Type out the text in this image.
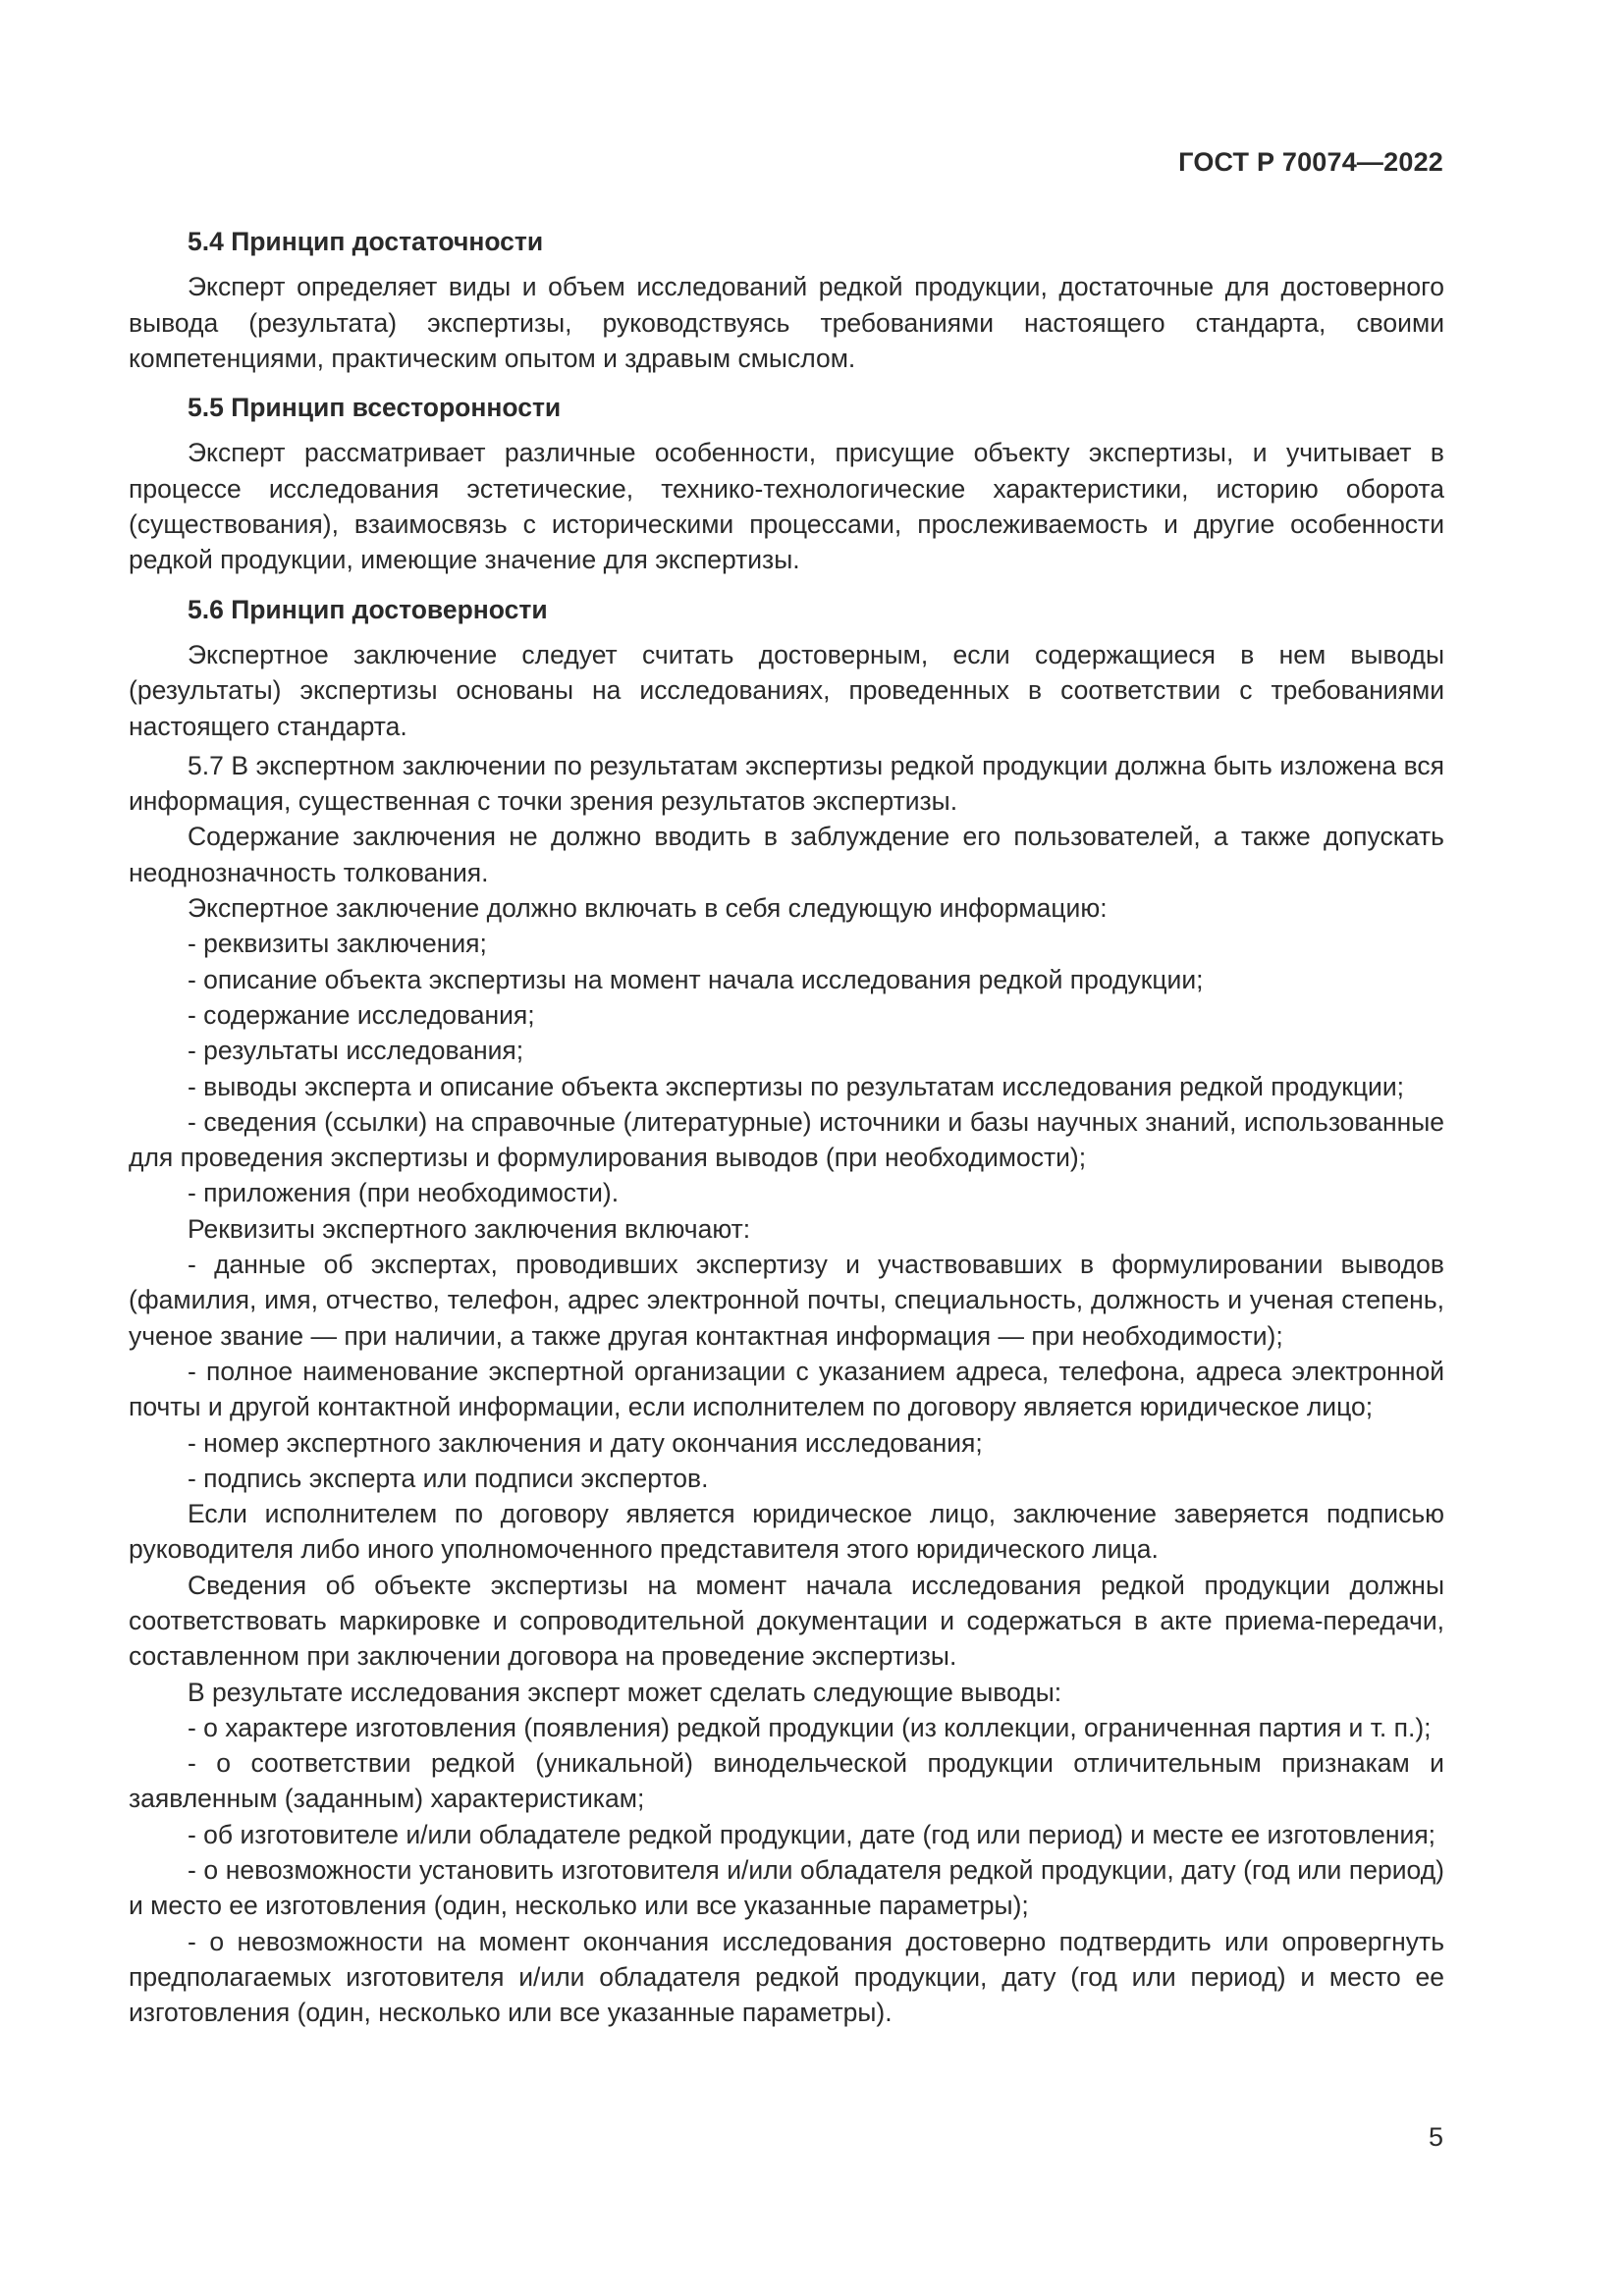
ГОСТ Р 70074—2022

5.4 Принцип достаточности

Эксперт определяет виды и объем исследований редкой продукции, достаточные для достоверного вывода (результата) экспертизы, руководствуясь требованиями настоящего стандарта, своими компетенциями, практическим опытом и здравым смыслом.

5.5 Принцип всесторонности

Эксперт рассматривает различные особенности, присущие объекту экспертизы, и учитывает в процессе исследования эстетические, технико-технологические характеристики, историю оборота (существования), взаимосвязь с историческими процессами, прослеживаемость и другие особенности редкой продукции, имеющие значение для экспертизы.

5.6 Принцип достоверности

Экспертное заключение следует считать достоверным, если содержащиеся в нем выводы (результаты) экспертизы основаны на исследованиях, проведенных в соответствии с требованиями настоящего стандарта.

5.7 В экспертном заключении по результатам экспертизы редкой продукции должна быть изложена вся информация, существенная с точки зрения результатов экспертизы.

Содержание заключения не должно вводить в заблуждение его пользователей, а также допускать неоднозначность толкования.

Экспертное заключение должно включать в себя следующую информацию:

- реквизиты заключения;

- описание объекта экспертизы на момент начала исследования редкой продукции;

- содержание исследования;

- результаты исследования;

- выводы эксперта и описание объекта экспертизы по результатам исследования редкой продукции;

- сведения (ссылки) на справочные (литературные) источники и базы научных знаний, использованные для проведения экспертизы и формулирования выводов (при необходимости);

- приложения (при необходимости).

Реквизиты экспертного заключения включают:

- данные об экспертах, проводивших экспертизу и участвовавших в формулировании выводов (фамилия, имя, отчество, телефон, адрес электронной почты, специальность, должность и ученая степень, ученое звание — при наличии, а также другая контактная информация — при необходимости);

- полное наименование экспертной организации с указанием адреса, телефона, адреса электронной почты и другой контактной информации, если исполнителем по договору является юридическое лицо;

- номер экспертного заключения и дату окончания исследования;

- подпись эксперта или подписи экспертов.

Если исполнителем по договору является юридическое лицо, заключение заверяется подписью руководителя либо иного уполномоченного представителя этого юридического лица.

Сведения об объекте экспертизы на момент начала исследования редкой продукции должны соответствовать маркировке и сопроводительной документации и содержаться в акте приема-передачи, составленном при заключении договора на проведение экспертизы.

В результате исследования эксперт может сделать следующие выводы:

- о характере изготовления (появления) редкой продукции (из коллекции, ограниченная партия и т. п.);

- о соответствии редкой (уникальной) винодельческой продукции отличительным признакам и заявленным (заданным) характеристикам;

- об изготовителе и/или обладателе редкой продукции, дате (год или период) и месте ее изготовления;

- о невозможности установить изготовителя и/или обладателя редкой продукции, дату (год или период) и место ее изготовления (один, несколько или все указанные параметры);

- о невозможности на момент окончания исследования достоверно подтвердить или опровергнуть предполагаемых изготовителя и/или обладателя редкой продукции, дату (год или период) и место ее изготовления (один, несколько или все указанные параметры).

5
